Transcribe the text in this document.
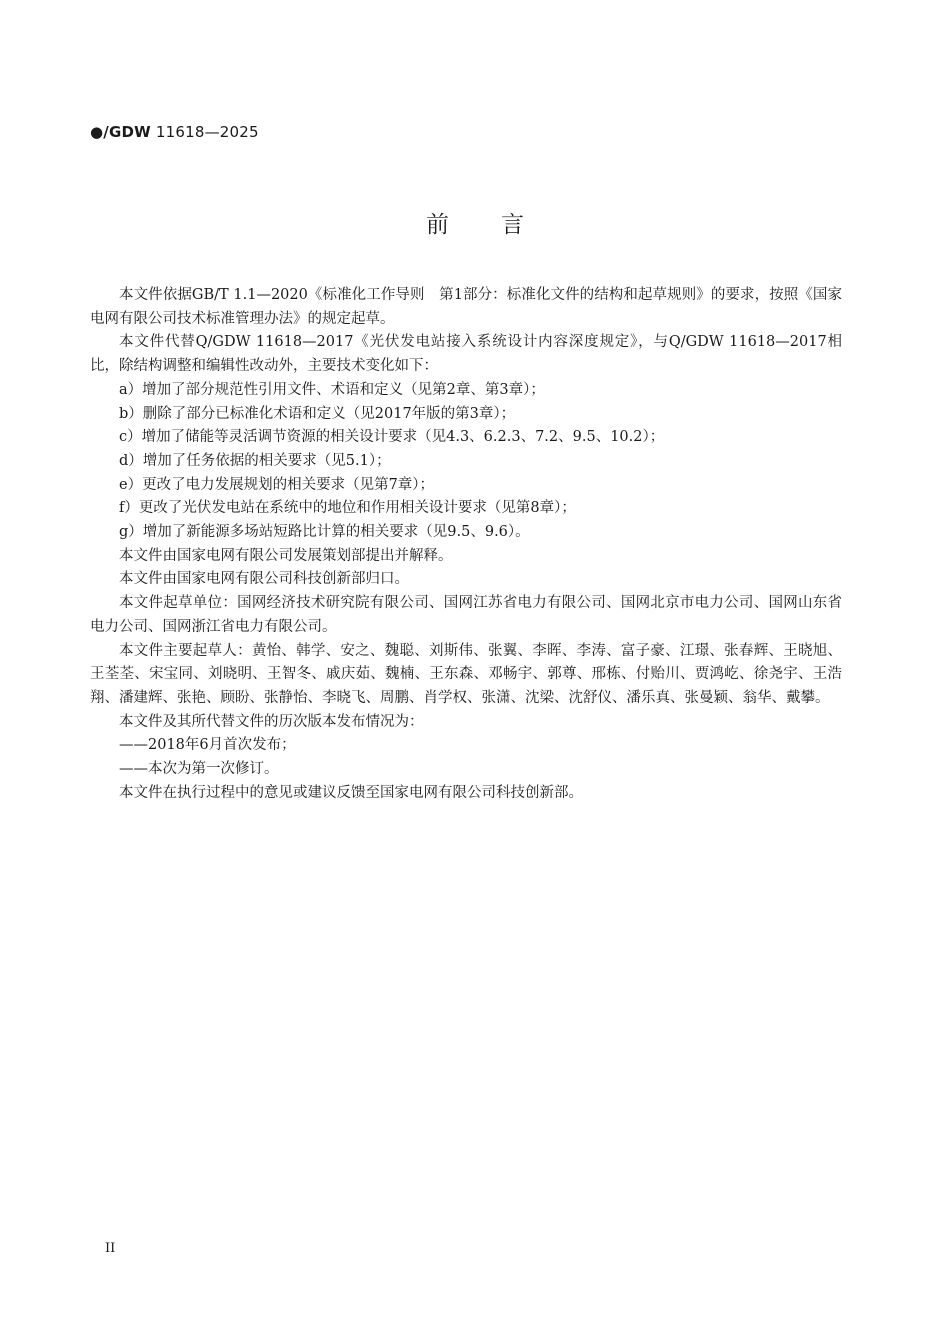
●/GDW 11618—2025
前言

本文件依据GB/T 1.1—2020《标准化工作导则　第1部分：标准化文件的结构和起草规则》的要求，按照《国家电网有限公司技术标准管理办法》的规定起草。

本文件代替Q/GDW 11618—2017《光伏发电站接入系统设计内容深度规定》，与Q/GDW 11618—2017相比，除结构调整和编辑性改动外，主要技术变化如下：

a）增加了部分规范性引用文件、术语和定义（见第2章、第3章）；

b）删除了部分已标准化术语和定义（见2017年版的第3章）；

c）增加了储能等灵活调节资源的相关设计要求（见4.3、6.2.3、7.2、9.5、10.2）；

d）增加了任务依据的相关要求（见5.1）；

e）更改了电力发展规划的相关要求（见第7章）；

f）更改了光伏发电站在系统中的地位和作用相关设计要求（见第8章）；

g）增加了新能源多场站短路比计算的相关要求（见9.5、9.6）。

本文件由国家电网有限公司发展策划部提出并解释。

本文件由国家电网有限公司科技创新部归口。

本文件起草单位：国网经济技术研究院有限公司、国网江苏省电力有限公司、国网北京市电力公司、国网山东省电力公司、国网浙江省电力有限公司。

本文件主要起草人：黄怡、韩学、安之、魏聪、刘斯伟、张翼、李晖、李涛、富子豪、江璟、张春辉、王晓旭、王荃荃、宋宝同、刘晓明、王智冬、戚庆茹、魏楠、王东森、邓畅宇、郭尊、邢栋、付贻川、贾鸿屹、徐尧宇、王浩翔、潘建辉、张艳、顾盼、张静怡、李晓飞、周鹏、肖学权、张潇、沈梁、沈舒仪、潘乐真、张曼颖、翁华、戴攀。

本文件及其所代替文件的历次版本发布情况为：

——2018年6月首次发布；

——本次为第一次修订。

本文件在执行过程中的意见或建议反馈至国家电网有限公司科技创新部。

II
